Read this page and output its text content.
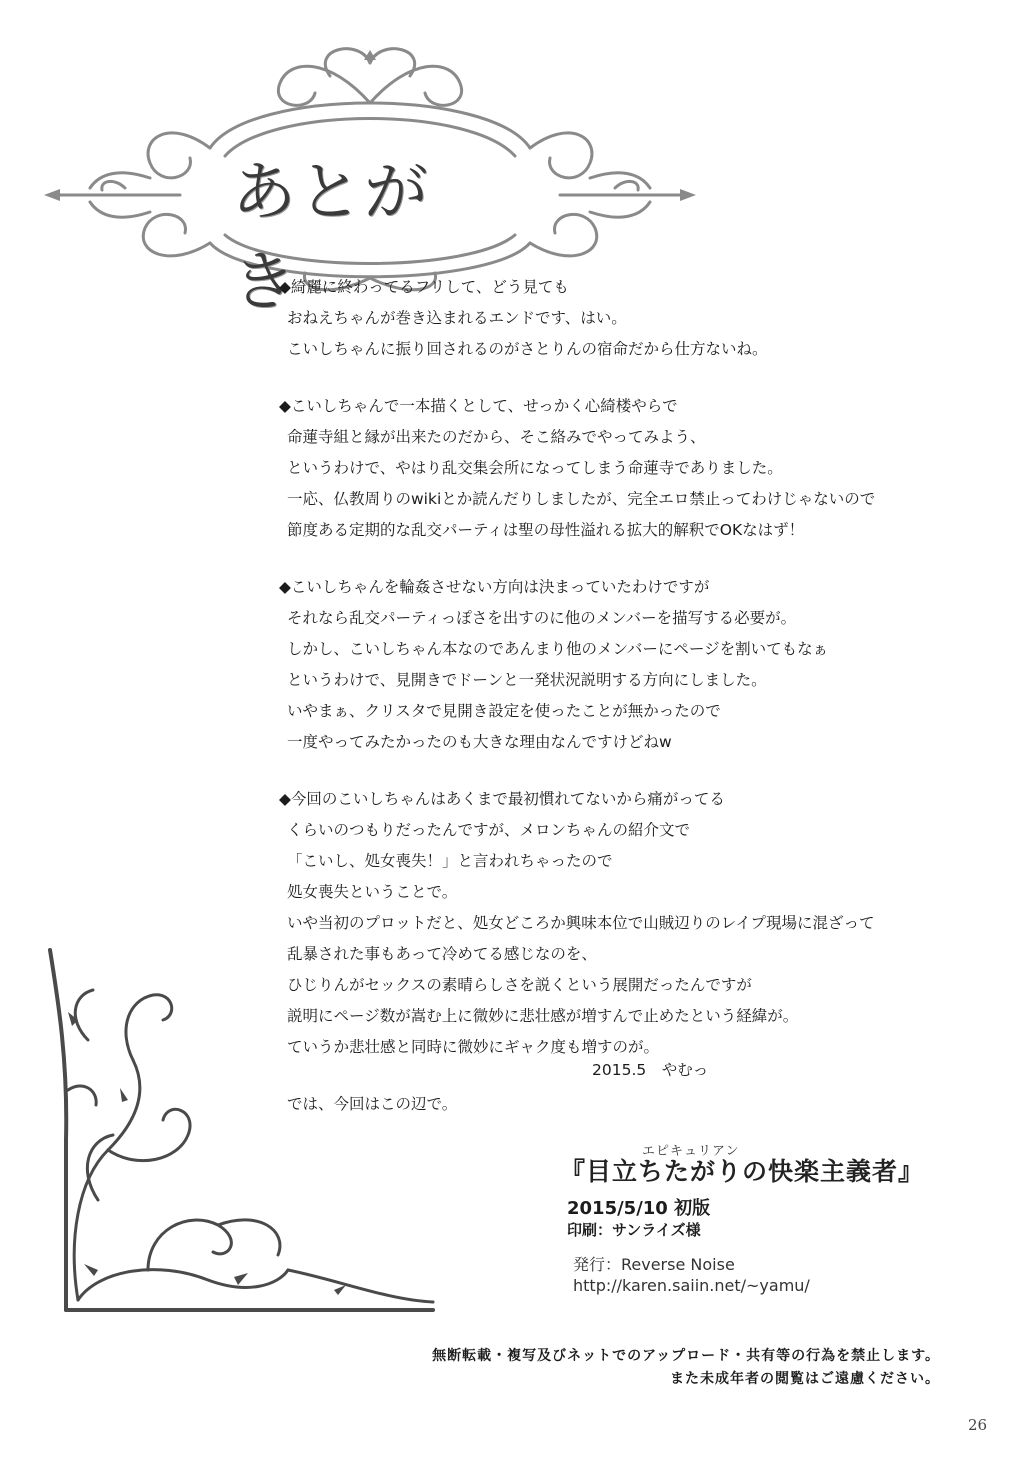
あとがき
◆綺麗に終わってるフリして、どう見ても
おねえちゃんが巻き込まれるエンドです、はい。
こいしちゃんに振り回されるのがさとりんの宿命だから仕方ないね。
◆こいしちゃんで一本描くとして、せっかく心綺楼やらで
命蓮寺組と縁が出来たのだから、そこ絡みでやってみよう、
というわけで、やはり乱交集会所になってしまう命蓮寺でありました。
一応、仏教周りのwikiとか読んだりしましたが、完全エロ禁止ってわけじゃないので
節度ある定期的な乱交パーティは聖の母性溢れる拡大的解釈でOKなはず！
◆こいしちゃんを輪姦させない方向は決まっていたわけですが
それなら乱交パーティっぽさを出すのに他のメンバーを描写する必要が。
しかし、こいしちゃん本なのであんまり他のメンバーにページを割いてもなぁ
というわけで、見開きでドーンと一発状況説明する方向にしました。
いやまぁ、クリスタで見開き設定を使ったことが無かったので
一度やってみたかったのも大きな理由なんですけどねw
◆今回のこいしちゃんはあくまで最初慣れてないから痛がってる
くらいのつもりだったんですが、メロンちゃんの紹介文で
「こいし、処女喪失！」と言われちゃったので
処女喪失ということで。
いや当初のプロットだと、処女どころか興味本位で山賊辺りのレイプ現場に混ざって
乱暴された事もあって冷めてる感じなのを、
ひじりんがセックスの素晴らしさを説くという展開だったんですが
説明にページ数が嵩む上に微妙に悲壮感が増すんで止めたという経緯が。
ていうか悲壮感と同時に微妙にギャク度も増すのが。
では、今回はこの辺で。
2015.5　やむっ
エピキュリアン
『目立ちたがりの快楽主義者』
2015/5/10 初版
印刷：サンライズ様
発行：Reverse Noise
http://karen.saiin.net/~yamu/
無断転載・複写及びネットでのアップロード・共有等の行為を禁止します。
また未成年者の閲覧はご遠慮ください。
26
